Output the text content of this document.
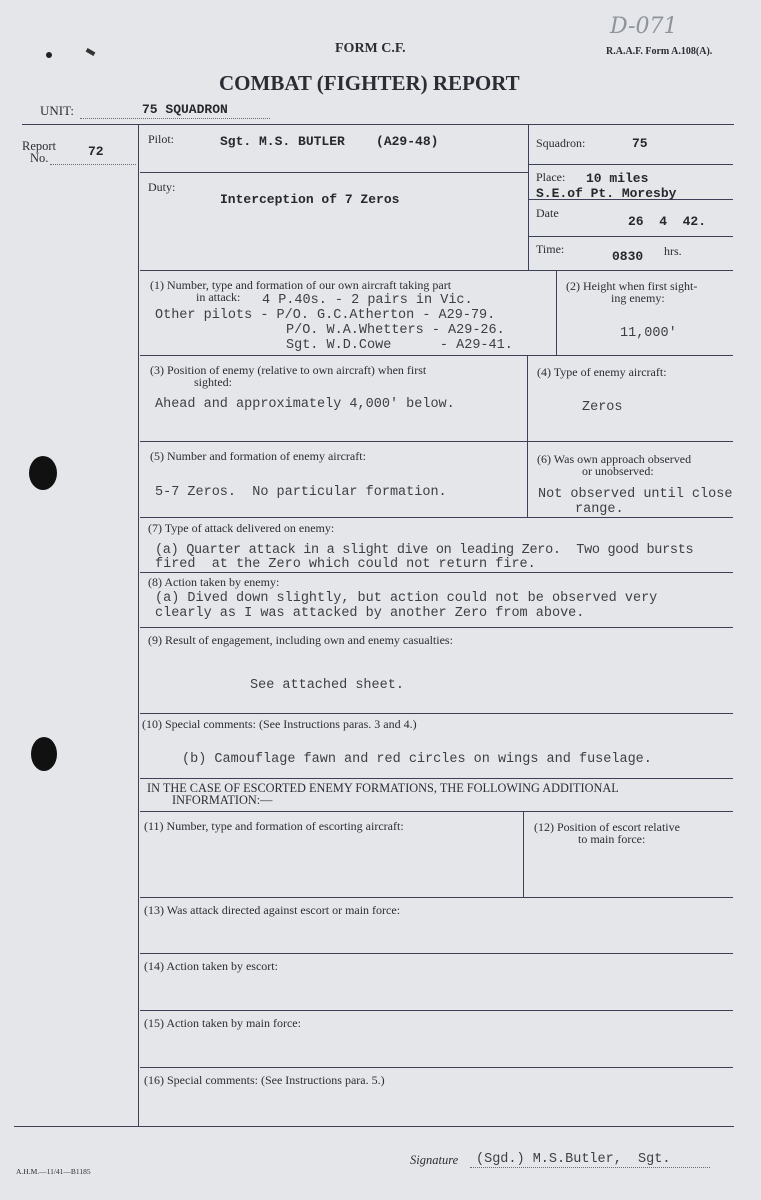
FORM C.F.	R.A.A.F. Form A.108(A).
D-071
COMBAT (FIGHTER) REPORT
UNIT:	75 SQUADRON
Report
No.	72
Pilot:	Sgt. M.S. BUTLER    (A29-48)	Squadron:	75
Duty:
Interception of 7 Zeros
Place: 10 miles
S.E.of Pt. Moresby
Date
26  4  42.
Time:	0830 hrs.
(1) Number, type and formation of our own aircraft taking part
in attack: 4 P.40s. - 2 pairs in Vic.
Other pilots - P/O. G.C.Atherton - A29-79.
P/O. W.A.Whetters - A29-26.
Sgt. W.D.Cowe      - A29-41.
(2) Height when first sight-
ing enemy:
11,000'
(3) Position of enemy (relative to own aircraft) when first
sighted:
Ahead and approximately 4,000' below.
(4) Type of enemy aircraft:
Zeros
(5) Number and formation of enemy aircraft:
5-7 Zeros.  No particular formation.
(6) Was own approach observed
or unobserved:
Not observed until close
range.
(7) Type of attack delivered on enemy:
(a) Quarter attack in a slight dive on leading Zero.  Two good bursts
fired  at the Zero which could not return fire.
(8) Action taken by enemy:
(a) Dived down slightly, but action could not be observed very
clearly as I was attacked by another Zero from above.
(9) Result of engagement, including own and enemy casualties:
See attached sheet.
(10) Special comments: (See Instructions paras. 3 and 4.)
(b) Camouflage fawn and red circles on wings and fuselage.
IN THE CASE OF ESCORTED ENEMY FORMATIONS, THE FOLLOWING ADDITIONAL
INFORMATION:—
(11) Number, type and formation of escorting aircraft:	(12) Position of escort relative
to main force:
(13) Was attack directed against escort or main force:
(14) Action taken by escort:
(15) Action taken by main force:
(16) Special comments: (See Instructions para. 5.)
A.H.M.—11/41—B1185
Signature (Sgd.) M.S.Butler,  Sgt.
